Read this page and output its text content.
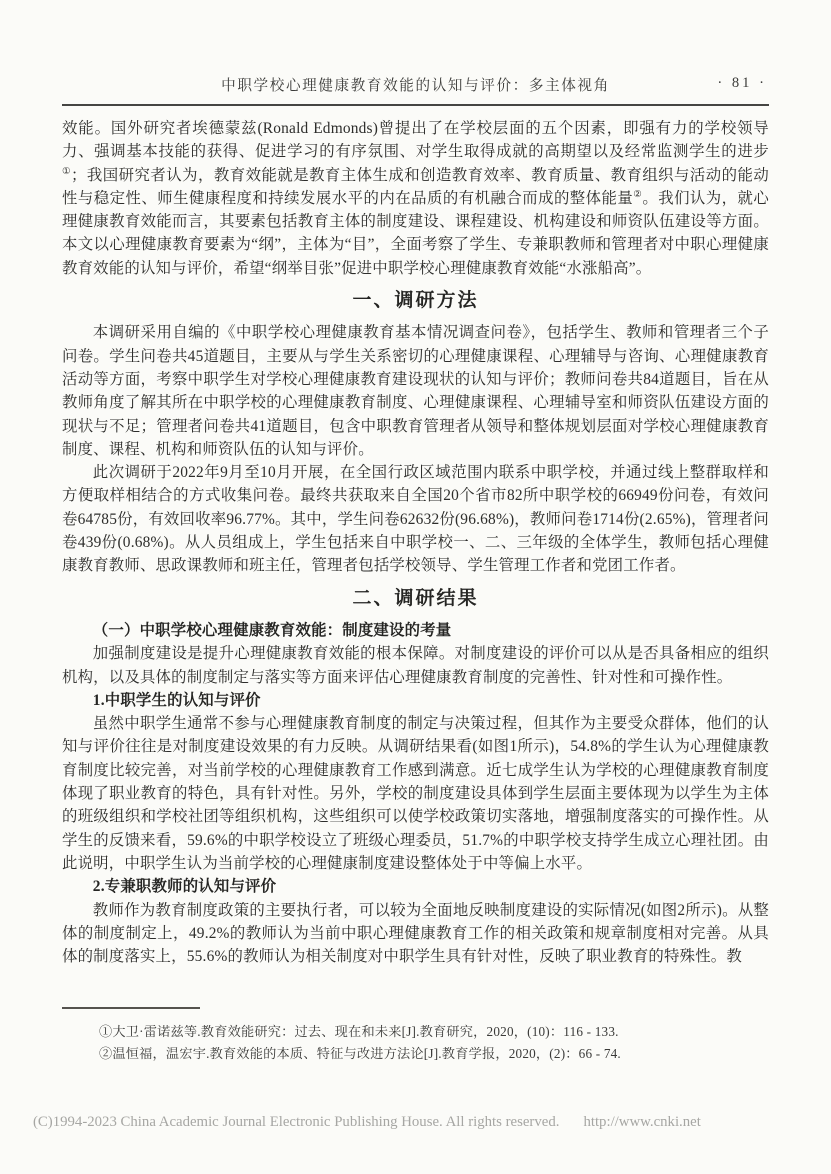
中职学校心理健康教育效能的认知与评价：多主体视角	· 81 ·

效能。国外研究者埃德蒙兹(Ronald Edmonds)曾提出了在学校层面的五个因素，即强有力的学校领导力、强调基本技能的获得、促进学习的有序氛围、对学生取得成就的高期望以及经常监测学生的进步①；我国研究者认为，教育效能就是教育主体生成和创造教育效率、教育质量、教育组织与活动的能动性与稳定性、师生健康程度和持续发展水平的内在品质的有机融合而成的整体能量②。我们认为，就心理健康教育效能而言，其要素包括教育主体的制度建设、课程建设、机构建设和师资队伍建设等方面。本文以心理健康教育要素为“纲”，主体为“目”，全面考察了学生、专兼职教师和管理者对中职心理健康教育效能的认知与评价，希望“纲举目张”促进中职学校心理健康教育效能“水涨船高”。

一、调研方法

本调研采用自编的《中职学校心理健康教育基本情况调查问卷》，包括学生、教师和管理者三个子问卷。学生问卷共45道题目，主要从与学生关系密切的心理健康课程、心理辅导与咨询、心理健康教育活动等方面，考察中职学生对学校心理健康教育建设现状的认知与评价；教师问卷共84道题目，旨在从教师角度了解其所在中职学校的心理健康教育制度、心理健康课程、心理辅导室和师资队伍建设方面的现状与不足；管理者问卷共41道题目，包含中职教育管理者从领导和整体规划层面对学校心理健康教育制度、课程、机构和师资队伍的认知与评价。

此次调研于2022年9月至10月开展，在全国行政区域范围内联系中职学校，并通过线上整群取样和方便取样相结合的方式收集问卷。最终共获取来自全国20个省市82所中职学校的66949份问卷，有效问卷64785份，有效回收率96.77%。其中，学生问卷62632份(96.68%)，教师问卷1714份(2.65%)，管理者问卷439份(0.68%)。从人员组成上，学生包括来自中职学校一、二、三年级的全体学生，教师包括心理健康教育教师、思政课教师和班主任，管理者包括学校领导、学生管理工作者和党团工作者。

二、调研结果
（一）中职学校心理健康教育效能：制度建设的考量

加强制度建设是提升心理健康教育效能的根本保障。对制度建设的评价可以从是否具备相应的组织机构，以及具体的制度制定与落实等方面来评估心理健康教育制度的完善性、针对性和可操作性。

1.中职学生的认知与评价

虽然中职学生通常不参与心理健康教育制度的制定与决策过程，但其作为主要受众群体，他们的认知与评价往往是对制度建设效果的有力反映。从调研结果看(如图1所示)，54.8%的学生认为心理健康教育制度比较完善，对当前学校的心理健康教育工作感到满意。近七成学生认为学校的心理健康教育制度体现了职业教育的特色，具有针对性。另外，学校的制度建设具体到学生层面主要体现为以学生为主体的班级组织和学校社团等组织机构，这些组织可以使学校政策切实落地，增强制度落实的可操作性。从学生的反馈来看，59.6%的中职学校设立了班级心理委员，51.7%的中职学校支持学生成立心理社团。由此说明，中职学生认为当前学校的心理健康制度建设整体处于中等偏上水平。

2.专兼职教师的认知与评价

教师作为教育制度政策的主要执行者，可以较为全面地反映制度建设的实际情况(如图2所示)。从整体的制度制定上，49.2%的教师认为当前中职心理健康教育工作的相关政策和规章制度相对完善。从具体的制度落实上，55.6%的教师认为相关制度对中职学生具有针对性，反映了职业教育的特殊性。教

①大卫·雷诺兹等.教育效能研究：过去、现在和未来[J].教育研究，2020，(10)：116 - 133.

②温恒福，温宏宇.教育效能的本质、特征与改进方法论[J].教育学报，2020，(2)：66 - 74.

(C)1994-2023 China Academic Journal Electronic Publishing House. All rights reserved. http://www.cnki.net
